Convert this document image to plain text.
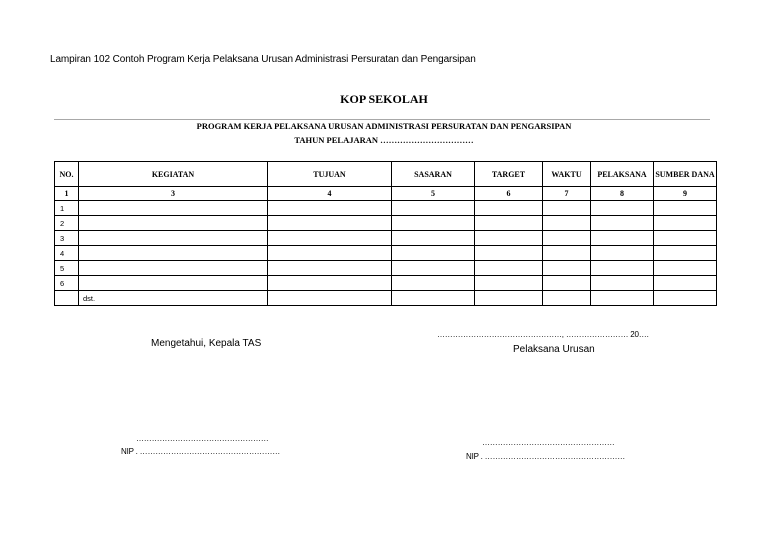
Lampiran 102 Contoh Program Kerja Pelaksana Urusan Administrasi Persuratan dan Pengarsipan
KOP SEKOLAH
PROGRAM KERJA PELAKSANA URUSAN ADMINISTRASI PERSURATAN DAN PENGARSIPAN
TAHUN PELAJARAN ……………………………
NO.	KEGIATAN	TUJUAN	SASARAN	TARGET	WAKTU	PELAKSANA	SUMBER DANA
1	3	4	5	6	7	8	9
1							
2							
3							
4							
5							
6							
	dst.						
Mengetahui, Kepala TAS
……………………………………………
NIP . ………………………………………………
…………………………………………, …………………… 20….
Pelaksana Urusan
……………………………………………
NIP . ………………………………………………
